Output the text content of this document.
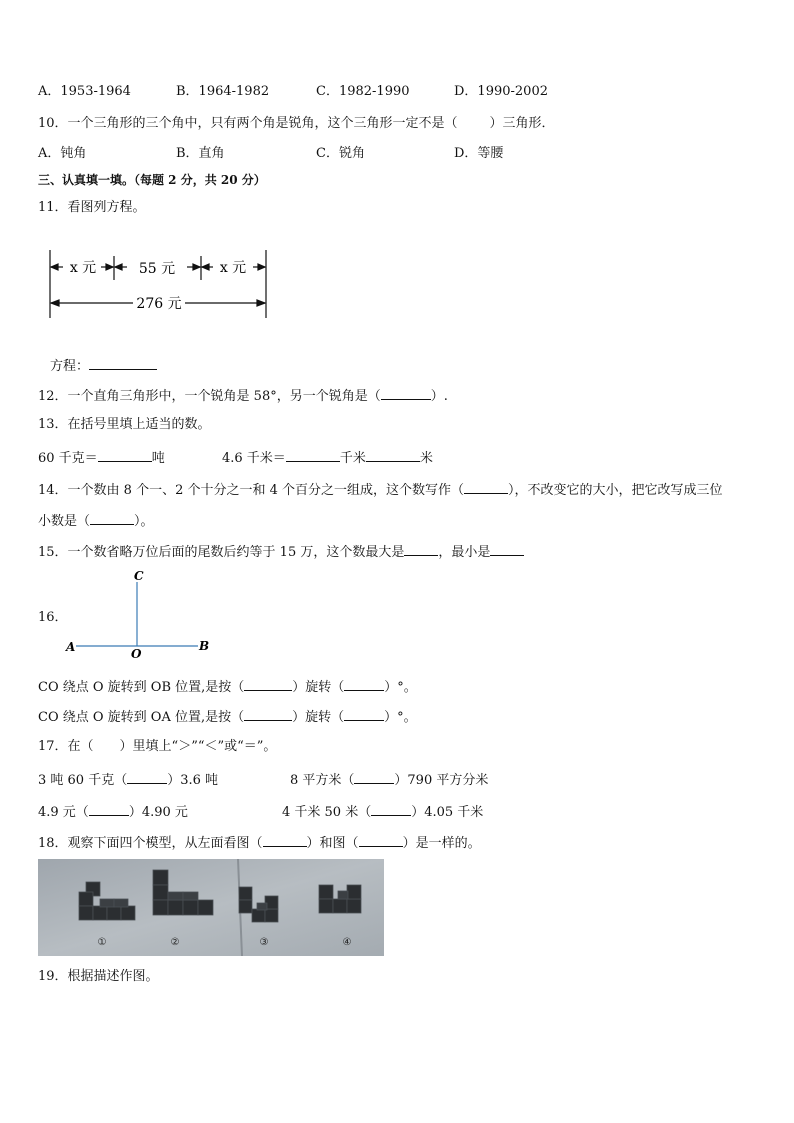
A．1953-1964	B．1964-1982	C．1982-1990	D．1990-2002
10．一个三角形的三个角中，只有两个角是锐角，这个三角形一定不是（ ）三角形．
A．钝角	B．直角	C．锐角	D．等腰
三、认真填一填。（每题 2 分，共 20 分）
11．看图列方程。
x 元	55 元	x 元
276 元
方程：
12．一个直角三角形中，一个锐角是 58°，另一个锐角是（	）.
13．在括号里填上适当的数。
60 千克＝	吨	4.6 千米＝	千米	米
14．一个数由 8 个一、2 个十分之一和 4 个百分之一组成，这个数写作（	），不改变它的大小，把它改写成三位
小数是（	）。
15．一个数省略万位后面的尾数后约等于 15 万，这个数最大是	，最小是
16．
C
A	O
B
CO 绕点 O 旋转到 OB 位置,是按（	）旋转（	）°。
CO 绕点 O 旋转到 OA 位置,是按（	）旋转（	）°。
17．在（　　）里填上“＞”“＜”或“＝”。
3 吨 60 千克（	）3.6 吨	8 平方米（	）790 平方分米
4.9 元（	）4.90 元	4 千米 50 米（	）4.05 千米
18．观察下面四个模型，从左面看图（	）和图（	）是一样的。
①	②	③	④
19．根据描述作图。
